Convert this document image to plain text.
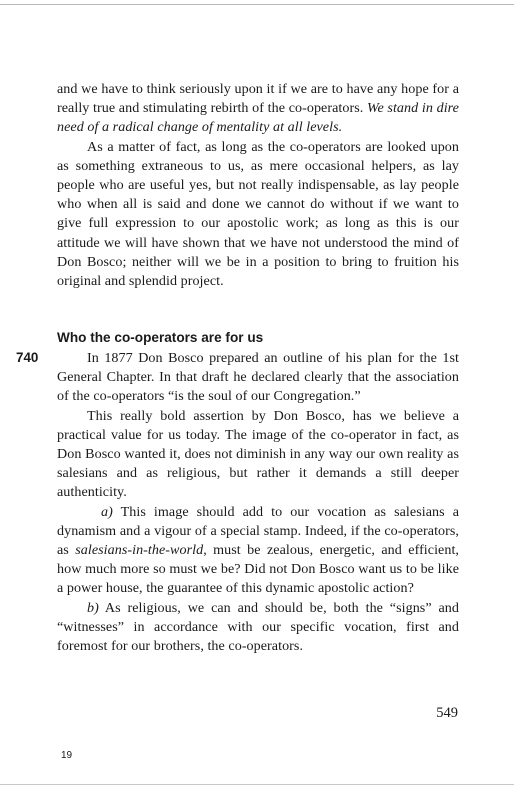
and we have to think seriously upon it if we are to have any hope for a really true and stimulating rebirth of the co-operators. We stand in dire need of a radical change of mentality at all levels.

As a matter of fact, as long as the co-operators are looked upon as something extraneous to us, as mere occasional helpers, as lay people who are useful yes, but not really indispensable, as lay people who when all is said and done we cannot do without if we want to give full expression to our apostolic work; as long as this is our attitude we will have shown that we have not understood the mind of Don Bosco; neither will we be in a position to bring to fruition his original and splendid project.

Who the co-operators are for us
740	In 1877 Don Bosco prepared an outline of his plan for the 1st General Chapter. In that draft he declared clearly that the association of the co-operators “is the soul of our Congregation.”

This really bold assertion by Don Bosco, has we believe a practical value for us today. The image of the co-operator in fact, as Don Bosco wanted it, does not diminish in any way our own reality as salesians and as religious, but rather it demands a still deeper authenticity.

a) This image should add to our vocation as salesians a dynamism and a vigour of a special stamp. Indeed, if the co-operators, as salesians-in-the-world, must be zealous, energetic, and efficient, how much more so must we be? Did not Don Bosco want us to be like a power house, the guarantee of this dynamic apostolic action?

b) As religious, we can and should be, both the “signs” and “witnesses” in accordance with our specific vocation, first and foremost for our brothers, the co-operators.

549
19
